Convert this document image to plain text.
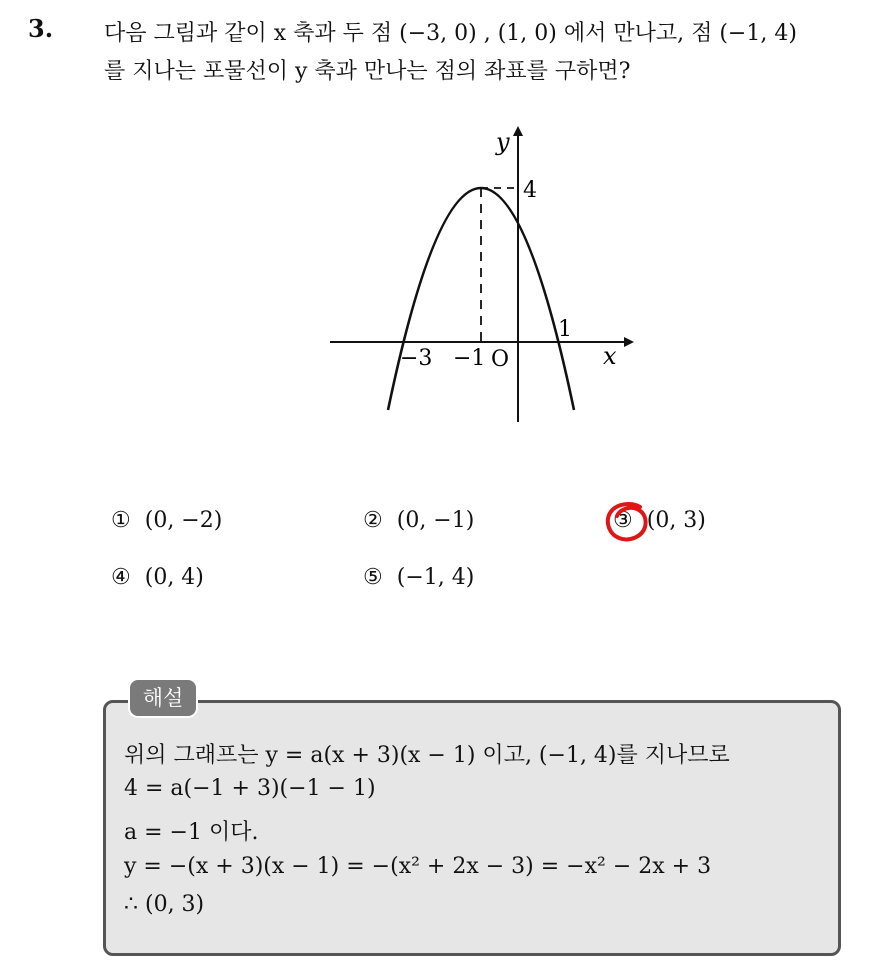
3. 다음 그림과 같이 x 축과 두 점 (−3, 0) , (1, 0) 에서 만나고, 점 (−1, 4)
를 지나는 포물선이 y 축과 만나는 점의 좌표를 구하면?
y
x
O
4
−3 −1
1
① (0, −2)	② (0, −1)	③ (0, 3)
④ (0, 4)	⑤ (−1, 4)
해설
위의 그래프는 y = a(x + 3)(x − 1) 이고, (−1, 4)를 지나므로
4 = a(−1 + 3)(−1 − 1)
a = −1 이다.
y = −(x + 3)(x − 1) = −(x² + 2x − 3) = −x² − 2x + 3
∴ (0, 3)
